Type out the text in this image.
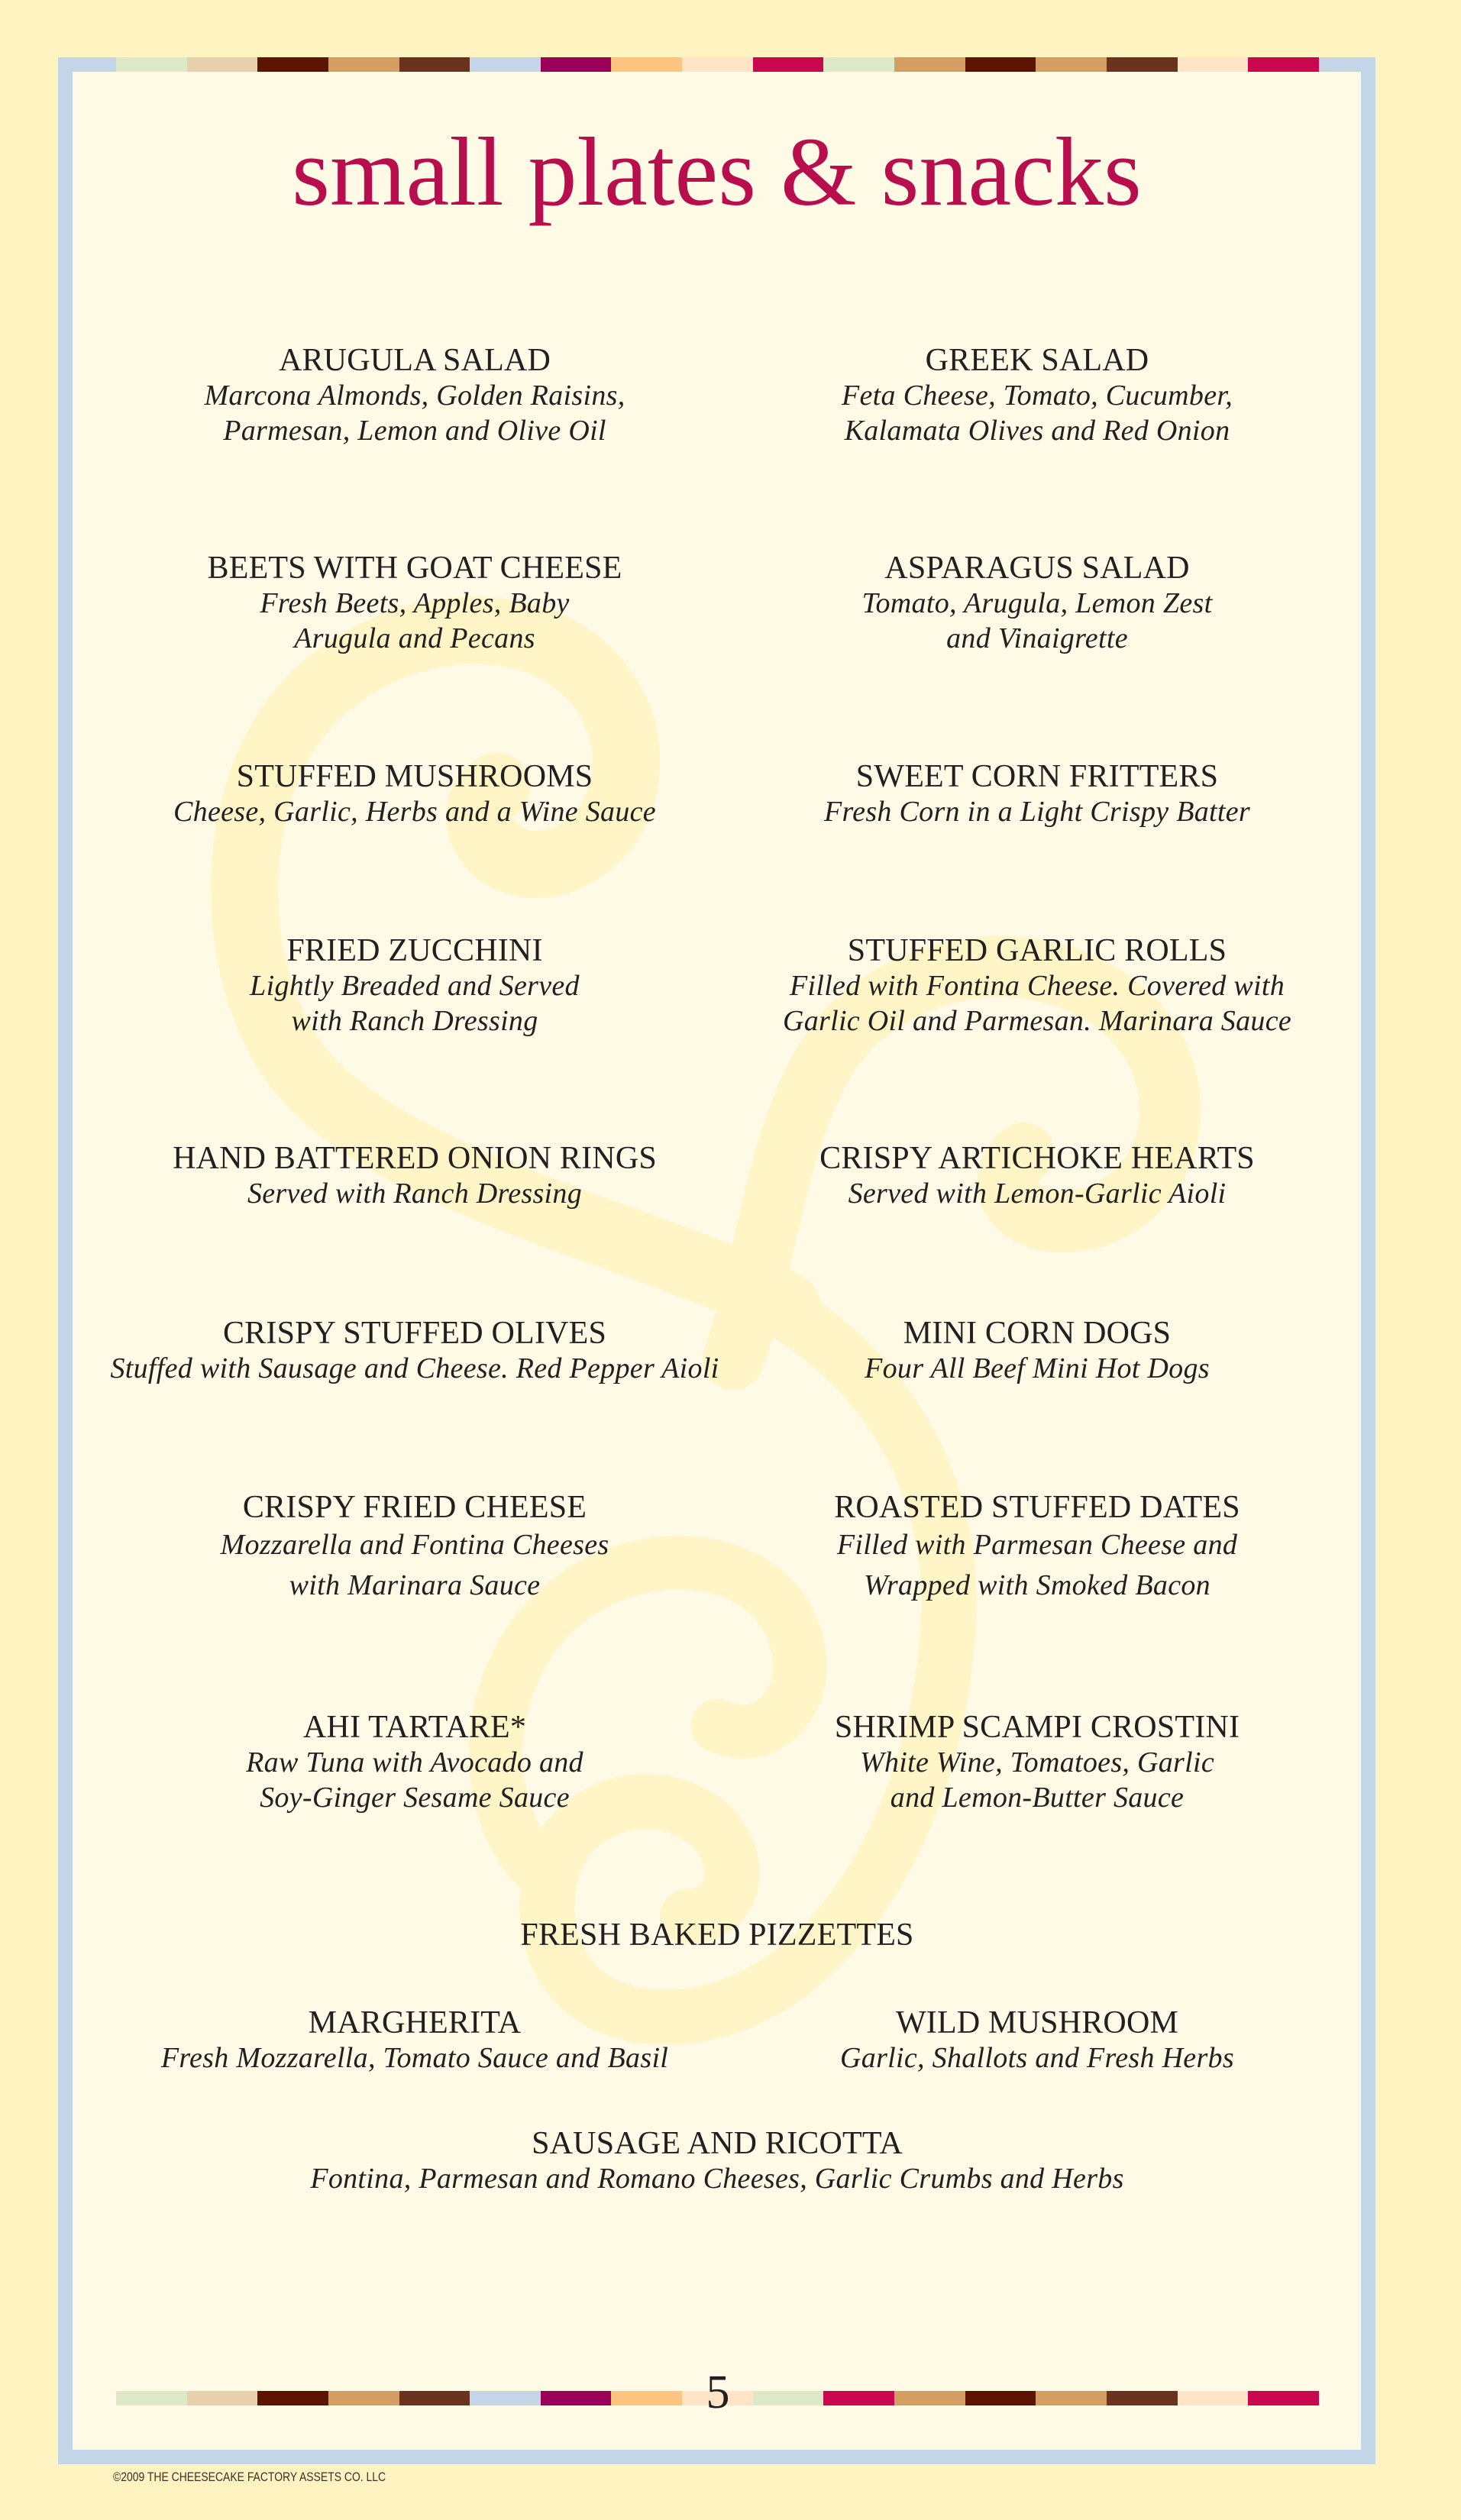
small plates & snacks
ARUGULA SALAD
Marcona Almonds, Golden Raisins,
Parmesan, Lemon and Olive Oil
BEETS WITH GOAT CHEESE
Fresh Beets, Apples, Baby
Arugula and Pecans
STUFFED MUSHROOMS
Cheese, Garlic, Herbs and a Wine Sauce
FRIED ZUCCHINI
Lightly Breaded and Served
with Ranch Dressing
HAND BATTERED ONION RINGS
Served with Ranch Dressing
CRISPY STUFFED OLIVES
Stuffed with Sausage and Cheese. Red Pepper Aioli
CRISPY FRIED CHEESE
Mozzarella and Fontina Cheeses
with Marinara Sauce
AHI TARTARE*
Raw Tuna with Avocado and
Soy-Ginger Sesame Sauce
GREEK SALAD
Feta Cheese, Tomato, Cucumber,
Kalamata Olives and Red Onion
ASPARAGUS SALAD
Tomato, Arugula, Lemon Zest
and Vinaigrette
SWEET CORN FRITTERS
Fresh Corn in a Light Crispy Batter
STUFFED GARLIC ROLLS
Filled with Fontina Cheese. Covered with
Garlic Oil and Parmesan. Marinara Sauce
CRISPY ARTICHOKE HEARTS
Served with Lemon-Garlic Aioli
MINI CORN DOGS
Four All Beef Mini Hot Dogs
ROASTED STUFFED DATES
Filled with Parmesan Cheese and
Wrapped with Smoked Bacon
SHRIMP SCAMPI CROSTINI
White Wine, Tomatoes, Garlic
and Lemon-Butter Sauce
FRESH BAKED PIZZETTES
MARGHERITA
Fresh Mozzarella, Tomato Sauce and Basil
WILD MUSHROOM
Garlic, Shallots and Fresh Herbs
SAUSAGE AND RICOTTA
Fontina, Parmesan and Romano Cheeses, Garlic Crumbs and Herbs
5
©2009 THE CHEESECAKE FACTORY ASSETS CO. LLC
